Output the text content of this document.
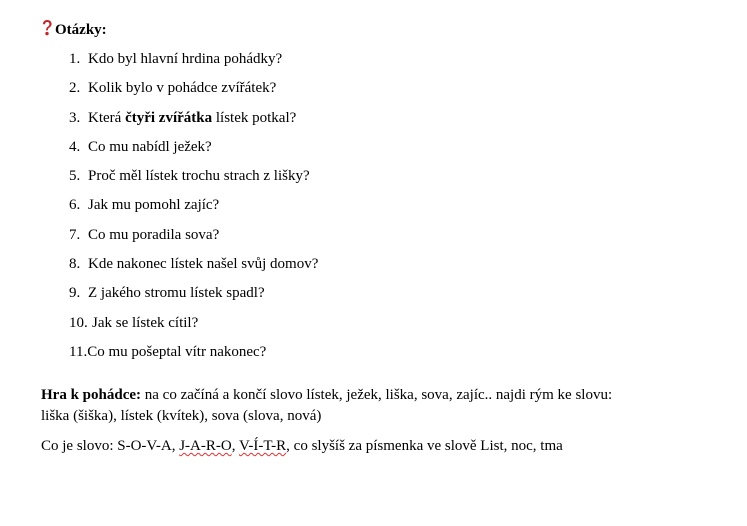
Otázky:
1. Kdo byl hlavní hrdina pohádky?
2. Kolik bylo v pohádce zvířátek?
3. Která čtyři zvířátka lístek potkal?
4. Co mu nabídl ježek?
5. Proč měl lístek trochu strach z lišky?
6. Jak mu pomohl zajíc?
7. Co mu poradila sova?
8. Kde nakonec lístek našel svůj domov?
9. Z jakého stromu lístek spadl?
10. Jak se lístek cítil?
11.Co mu pošeptal vítr nakonec?
Hra k pohádce: na co začíná a končí slovo lístek, ježek, liška, sova, zajíc.. najdi rým ke slovu:
liška (šiška), lístek (kvítek), sova (slova, nová)
Co je slovo: S-O-V-A, J-A-R-O, V-Í-T-R, co slyšíš za písmenka ve slově List, noc, tma
